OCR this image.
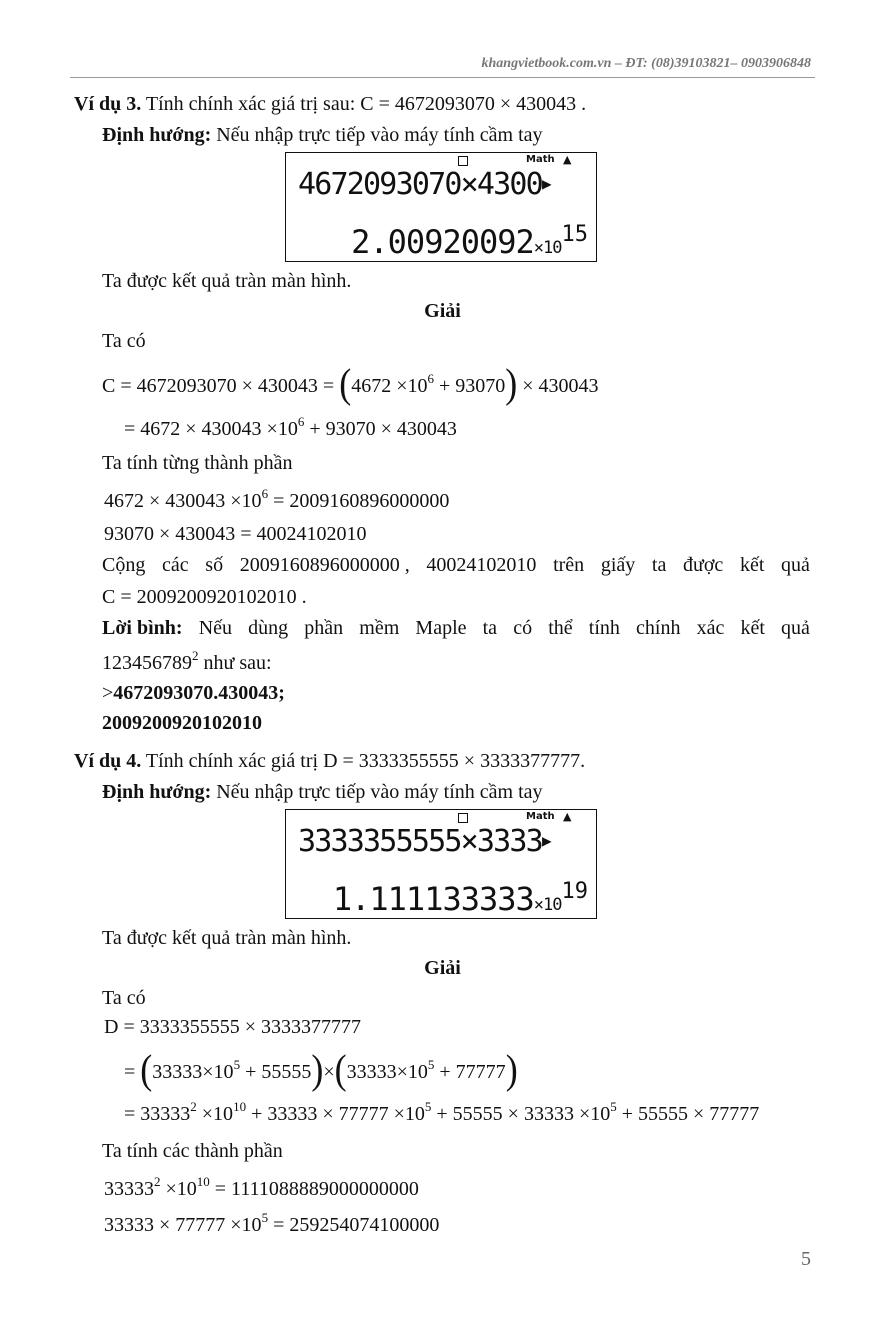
khangvietbook.com.vn – ĐT: (08)39103821– 0903906848
Ví dụ 3. Tính chính xác giá trị sau: C = 4672093070 × 430043 .
Định hướng: Nếu nhập trực tiếp vào máy tính cầm tay
Math ▲
4672093070×4300▶
$2.00920092\times 10^{15}$
Ta được kết quả tràn màn hình.
Giải
Ta có
$C = 4672093070 \times 430043 = (4672 \times 10^6 + 93070) \times 430043$
= $4672 \times 430043 \times 10^6 + 93070 \times 430043$
Ta tính từng thành phần
$4672 \times 430043 \times 10^6 = 2009160896000000$
93070 × 430043 = 40024102010
Cộng các số 2009160896000000 , 40024102010 trên giấy ta được kết quả
C = 2009200920102010 .
Lời bình: Nếu dùng phần mềm Maple ta có thể tính chính xác kết quả
123456789$^2$ như sau:
>4672093070.430043;
2009200920102010
Ví dụ 4. Tính chính xác giá trị D = 3333355555 × 3333377777.
Định hướng: Nếu nhập trực tiếp vào máy tính cầm tay
Math ▲
3333355555×3333▶
$1.111133333\times 10^{19}$
Ta được kết quả tràn màn hình.
Giải
Ta có
D = 3333355555 × 3333377777
= $(33333\times 10^5 + 55555)\times(33333\times 10^5 + 77777)$
= $33333^2 \times 10^{10} + 33333 \times 77777 \times 10^5 + 55555 \times 33333 \times 10^5 + 55555 \times 77777$
Ta tính các thành phần
$33333^2 \times 10^{10} = 1111088889000000000$
$33333 \times 77777 \times 10^5 = 259254074100000$
5
